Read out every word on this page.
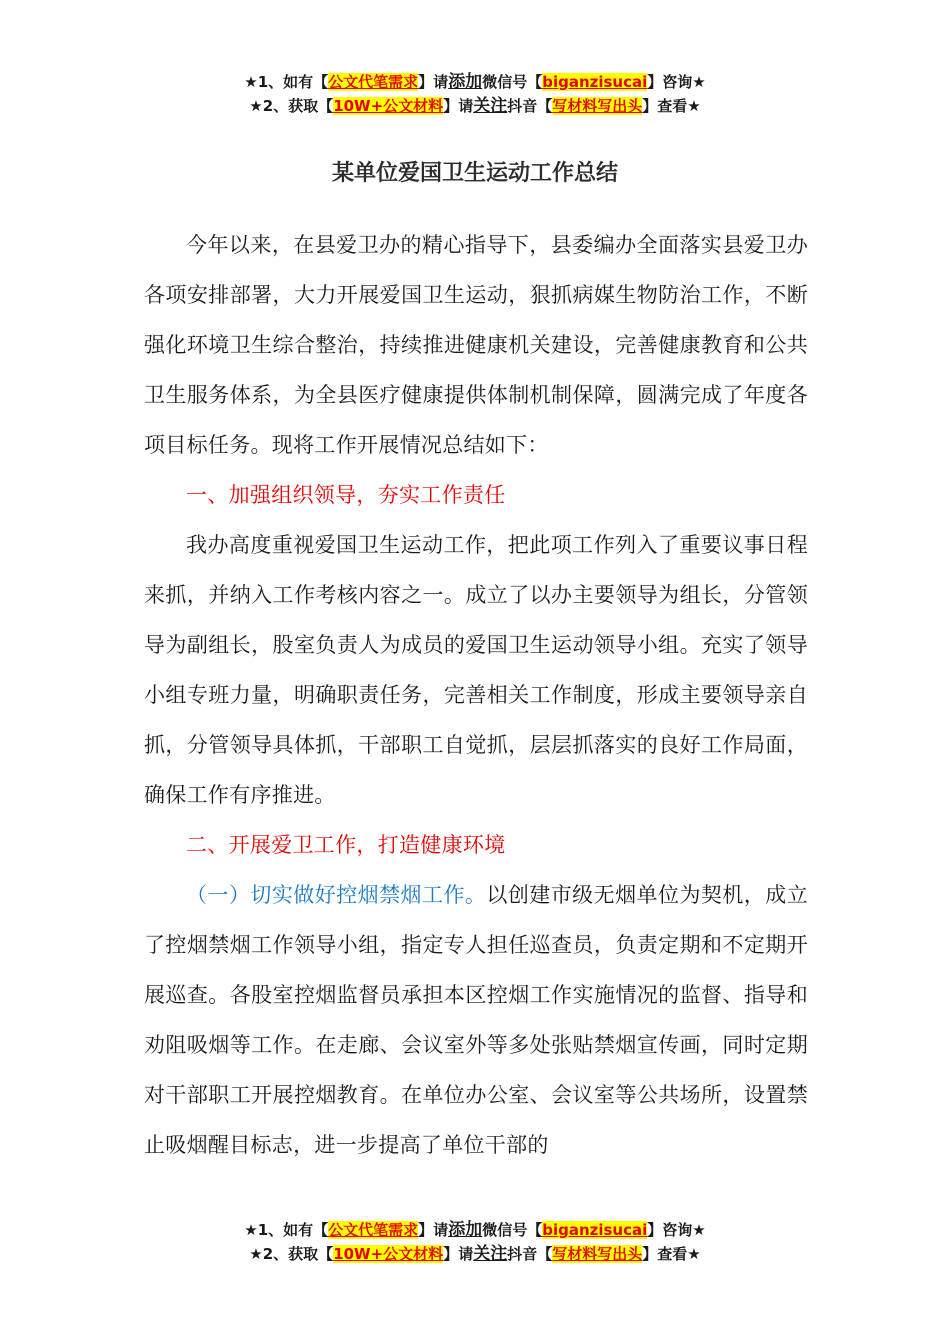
★1、如有【公文代笔需求】请添加微信号【biganzisucai】咨询★
★2、获取【10W+公文材料】请关注抖音【写材料写出头】查看★
某单位爱国卫生运动工作总结

今年以来，在县爱卫办的精心指导下，县委编办全面落实县爱卫办各项安排部署，大力开展爱国卫生运动，狠抓病媒生物防治工作，不断强化环境卫生综合整治，持续推进健康机关建设，完善健康教育和公共卫生服务体系，为全县医疗健康提供体制机制保障，圆满完成了年度各项目标任务。现将工作开展情况总结如下：

一、加强组织领导，夯实工作责任

我办高度重视爱国卫生运动工作，把此项工作列入了重要议事日程来抓，并纳入工作考核内容之一。成立了以办主要领导为组长，分管领导为副组长，股室负责人为成员的爱国卫生运动领导小组。充实了领导小组专班力量，明确职责任务，完善相关工作制度，形成主要领导亲自抓，分管领导具体抓，干部职工自觉抓，层层抓落实的良好工作局面，确保工作有序推进。

二、开展爱卫工作，打造健康环境

（一）切实做好控烟禁烟工作。以创建市级无烟单位为契机，成立了控烟禁烟工作领导小组，指定专人担任巡查员，负责定期和不定期开展巡查。各股室控烟监督员承担本区控烟工作实施情况的监督、指导和劝阻吸烟等工作。在走廊、会议室外等多处张贴禁烟宣传画，同时定期对干部职工开展控烟教育。在单位办公室、会议室等公共场所，设置禁止吸烟醒目标志，进一步提高了单位干部的

★1、如有【公文代笔需求】请添加微信号【biganzisucai】咨询★
★2、获取【10W+公文材料】请关注抖音【写材料写出头】查看★
